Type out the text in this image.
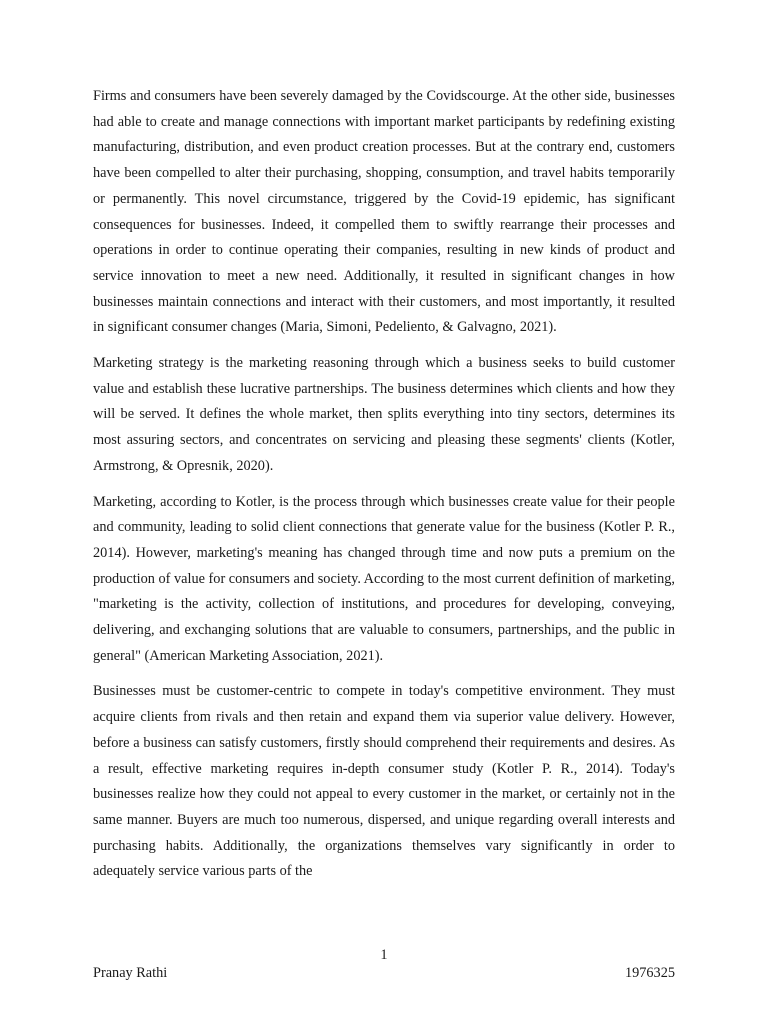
Firms and consumers have been severely damaged by the Covidscourge. At the other side, businesses had able to create and manage connections with important market participants by redefining existing manufacturing, distribution, and even product creation processes. But at the contrary end, customers have been compelled to alter their purchasing, shopping, consumption, and travel habits temporarily or permanently. This novel circumstance, triggered by the Covid-19 epidemic, has significant consequences for businesses. Indeed, it compelled them to swiftly rearrange their processes and operations in order to continue operating their companies, resulting in new kinds of product and service innovation to meet a new need. Additionally, it resulted in significant changes in how businesses maintain connections and interact with their customers, and most importantly, it resulted in significant consumer changes (Maria, Simoni, Pedeliento, & Galvagno, 2021).

Marketing strategy is the marketing reasoning through which a business seeks to build customer value and establish these lucrative partnerships. The business determines which clients and how they will be served. It defines the whole market, then splits everything into tiny sectors, determines its most assuring sectors, and concentrates on servicing and pleasing these segments' clients (Kotler, Armstrong, & Opresnik, 2020).

Marketing, according to Kotler, is the process through which businesses create value for their people and community, leading to solid client connections that generate value for the business (Kotler P. R., 2014). However, marketing's meaning has changed through time and now puts a premium on the production of value for consumers and society. According to the most current definition of marketing, "marketing is the activity, collection of institutions, and procedures for developing, conveying, delivering, and exchanging solutions that are valuable to consumers, partnerships, and the public in general" (American Marketing Association, 2021).

Businesses must be customer-centric to compete in today's competitive environment. They must acquire clients from rivals and then retain and expand them via superior value delivery. However, before a business can satisfy customers, firstly should comprehend their requirements and desires. As a result, effective marketing requires in-depth consumer study (Kotler P. R., 2014). Today's businesses realize how they could not appeal to every customer in the market, or certainly not in the same manner. Buyers are much too numerous, dispersed, and unique regarding overall interests and purchasing habits. Additionally, the organizations themselves vary significantly in order to adequately service various parts of the

1
Pranay Rathi	1976325
